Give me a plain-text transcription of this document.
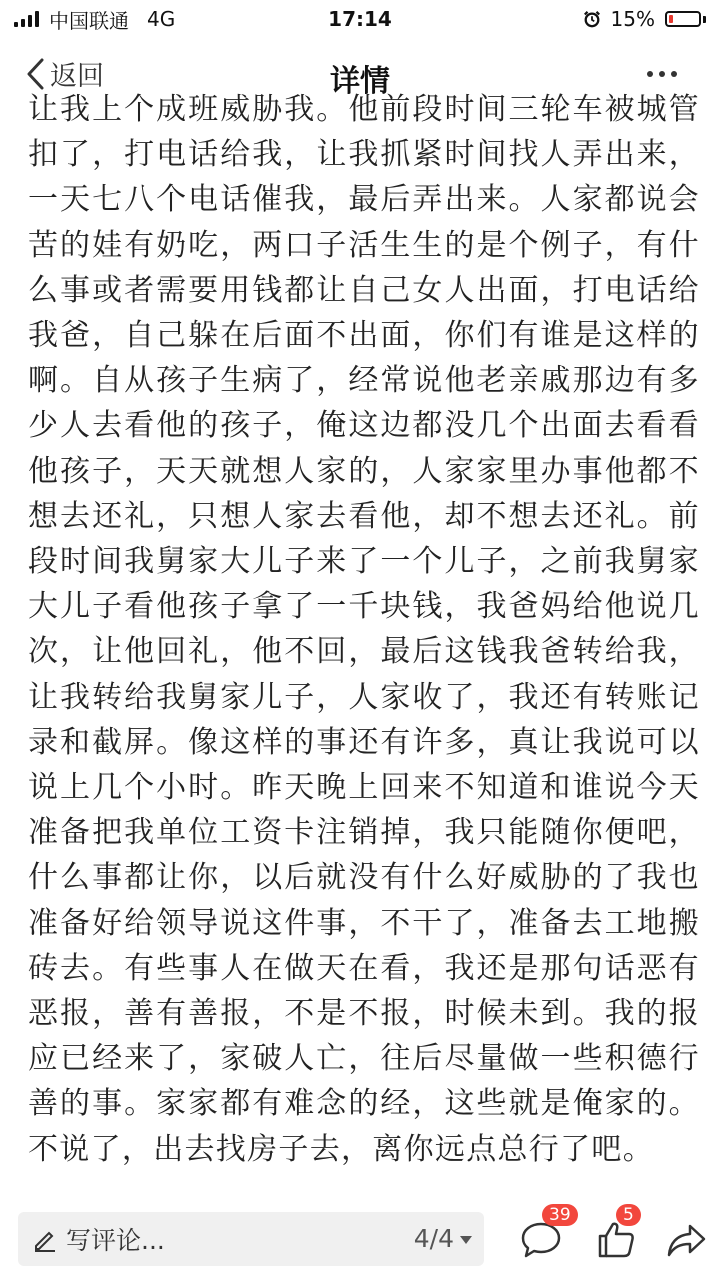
中国联通 4G	17:14	15%
返回	详情
让我上个成班威胁我。他前段时间三轮车被城管扣了，打电话给我，让我抓紧时间找人弄出来，一天七八个电话催我，最后弄出来。人家都说会苦的娃有奶吃，两口子活生生的是个例子，有什么事或者需要用钱都让自己女人出面，打电话给我爸，自己躲在后面不出面，你们有谁是这样的啊。自从孩子生病了，经常说他老亲戚那边有多少人去看他的孩子，俺这边都没几个出面去看看他孩子，天天就想人家的，人家家里办事他都不想去还礼，只想人家去看他，却不想去还礼。前段时间我舅家大儿子来了一个儿子，之前我舅家大儿子看他孩子拿了一千块钱，我爸妈给他说几次，让他回礼，他不回，最后这钱我爸转给我，让我转给我舅家儿子，人家收了，我还有转账记录和截屏。像这样的事还有许多，真让我说可以说上几个小时。昨天晚上回来不知道和谁说今天准备把我单位工资卡注销掉，我只能随你便吧，什么事都让你，以后就没有什么好威胁的了我也准备好给领导说这件事，不干了，准备去工地搬砖去。有些事人在做天在看，我还是那句话恶有恶报，善有善报，不是不报，时候未到。我的报应已经来了，家破人亡，往后尽量做一些积德行善的事。家家都有难念的经，这些就是俺家的。不说了，出去找房子去，离你远点总行了吧。
写评论...	4/4
39	5
